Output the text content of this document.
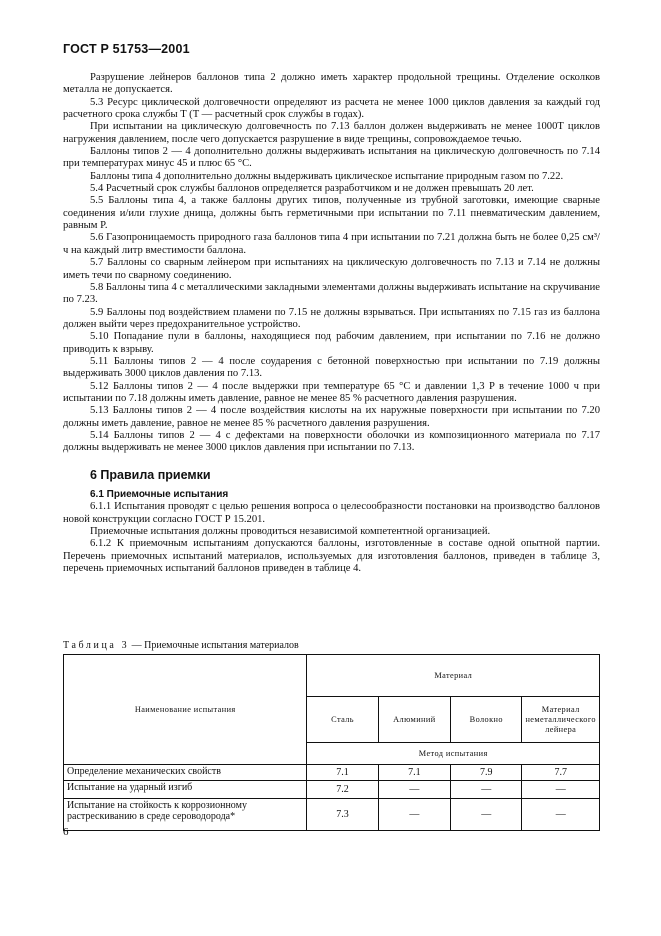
ГОСТ Р 51753—2001

Разрушение лейнеров баллонов типа 2 должно иметь характер продольной трещины. Отделение осколков металла не допускается.

5.3 Ресурс циклической долговечности определяют из расчета не менее 1000 циклов давления за каждый год расчетного срока службы T (T — расчетный срок службы в годах).

При испытании на циклическую долговечность по 7.13 баллон должен выдерживать не менее 1000T циклов нагружения давлением, после чего допускается разрушение в виде трещины, сопровождаемое течью.

Баллоны типов 2 — 4 дополнительно должны выдерживать испытания на циклическую долговечность по 7.14 при температурах минус 45 и плюс 65 °С.

Баллоны типа 4 дополнительно должны выдерживать циклическое испытание природным газом по 7.22.

5.4 Расчетный срок службы баллонов определяется разработчиком и не должен превышать 20 лет.

5.5 Баллоны типа 4, а также баллоны других типов, полученные из трубной заготовки, имеющие сварные соединения и/или глухие днища, должны быть герметичными при испытании по 7.11 пневматическим давлением, равным P.

5.6 Газопроницаемость природного газа баллонов типа 4 при испытании по 7.21 должна быть не более 0,25 см³/ч на каждый литр вместимости баллона.

5.7 Баллоны со сварным лейнером при испытаниях на циклическую долговечность по 7.13 и 7.14 не должны иметь течи по сварному соединению.

5.8 Баллоны типа 4 с металлическими закладными элементами должны выдерживать испытание на скручивание по 7.23.

5.9 Баллоны под воздействием пламени по 7.15 не должны взрываться. При испытаниях по 7.15 газ из баллона должен выйти через предохранительное устройство.

5.10 Попадание пули в баллоны, находящиеся под рабочим давлением, при испытании по 7.16 не должно приводить к взрыву.

5.11 Баллоны типов 2 — 4 после соударения с бетонной поверхностью при испытании по 7.19 должны выдерживать 3000 циклов давления по 7.13.

5.12 Баллоны типов 2 — 4 после выдержки при температуре 65 °С и давлении 1,3 P в течение 1000 ч при испытании по 7.18 должны иметь давление, равное не менее 85 % расчетного давления разрушения.

5.13 Баллоны типов 2 — 4 после воздействия кислоты на их наружные поверхности при испытании по 7.20 должны иметь давление, равное не менее 85 % расчетного давления разрушения.

5.14 Баллоны типов 2 — 4 с дефектами на поверхности оболочки из композиционного материала по 7.17 должны выдерживать не менее 3000 циклов давления при испытании по 7.13.

6 Правила приемки

6.1 Приемочные испытания

6.1.1 Испытания проводят с целью решения вопроса о целесообразности постановки на производство баллонов новой конструкции согласно ГОСТ Р 15.201.

Приемочные испытания должны проводиться независимой компетентной организацией.

6.1.2 К приемочным испытаниям допускаются баллоны, изготовленные в составе одной опытной партии. Перечень приемочных испытаний материалов, используемых для изготовления баллонов, приведен в таблице 3, перечень приемочных испытаний баллонов приведен в таблице 4.

Таблица 3 — Приемочные испытания материалов
Наименование испытания	Материал			
	Сталь	Алюминий	Волокно	Материал неметаллического лейнера
	Метод испытания			
Определение механических свойств	7.1	7.1	7.9	7.7
Испытание на ударный изгиб	7.2	—	—	—
Испытание на стойкость к коррозионному растрескиванию в среде сероводорода*	7.3	—	—	—
6
